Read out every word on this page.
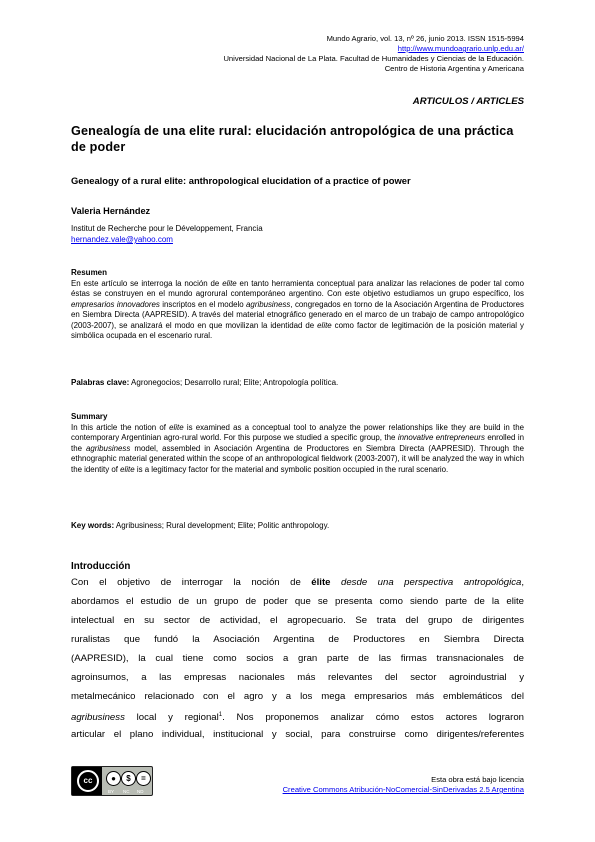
Mundo Agrario, vol. 13, nº 26, junio 2013. ISSN 1515-5994
http://www.mundoagrario.unlp.edu.ar/
Universidad Nacional de La Plata. Facultad de Humanidades y Ciencias de la Educación.
Centro de Historia Argentina y Americana
ARTICULOS / ARTICLES
Genealogía de una elite rural: elucidación antropológica de una práctica de poder
Genealogy of a rural elite: anthropological elucidation of a practice of power
Valeria Hernández
Institut de Recherche pour le Développement, Francia
hernandez.vale@yahoo.com
Resumen
En este artículo se interroga la noción de elite en tanto herramienta conceptual para analizar las relaciones de poder tal como éstas se construyen en el mundo agrorural contemporáneo argentino. Con este objetivo estudiamos un grupo específico, los empresarios innovadores inscriptos en el modelo agribusiness, congregados en torno de la Asociación Argentina de Productores en Siembra Directa (AAPRESID). A través del material etnográfico generado en el marco de un trabajo de campo antropológico (2003-2007), se analizará el modo en que movilizan la identidad de elite como factor de legitimación de la posición material y simbólica ocupada en el escenario rural.
Palabras clave: Agronegocios; Desarrollo rural; Elite; Antropología política.
Summary
In this article the notion of elite is examined as a conceptual tool to analyze the power relationships like they are build in the contemporary Argentinian agro-rural world. For this purpose we studied a specific group, the innovative entrepreneurs enrolled in the agribusiness model, assembled in Asociación Argentina de Productores en Siembra Directa (AAPRESID). Through the ethnographic material generated within the scope of an anthropological fieldwork (2003-2007), it will be analyzed the way in which the identity of elite is a legitimacy factor for the material and symbolic position occupied in the rural scenario.
Key words: Agribusiness; Rural development; Elite; Politic anthropology.
Introducción
Con el objetivo de interrogar la noción de élite desde una perspectiva antropológica,
abordamos el estudio de un grupo de poder que se presenta como siendo parte de la elite
intelectual en su sector de actividad, el agropecuario. Se trata del grupo de dirigentes
ruralistas que fundó la Asociación Argentina de Productores en Siembra Directa
(AAPRESID), la cual tiene como socios a gran parte de las firmas transnacionales de
agroinsumos, a las empresas nacionales más relevantes del sector agroindustrial y
metalmecánico relacionado con el agro y a los mega empresarios más emblemáticos del
agribusiness local y regional$^1$. Nos proponemos analizar cómo estos actores lograron
articular el plano individual, institucional y social, para construirse como dirigentes/referentes
cc	●	$	=
BY NC ND
Esta obra está bajo licencia
Creative Commons Atribución-NoComercial-SinDerivadas 2.5 Argentina
